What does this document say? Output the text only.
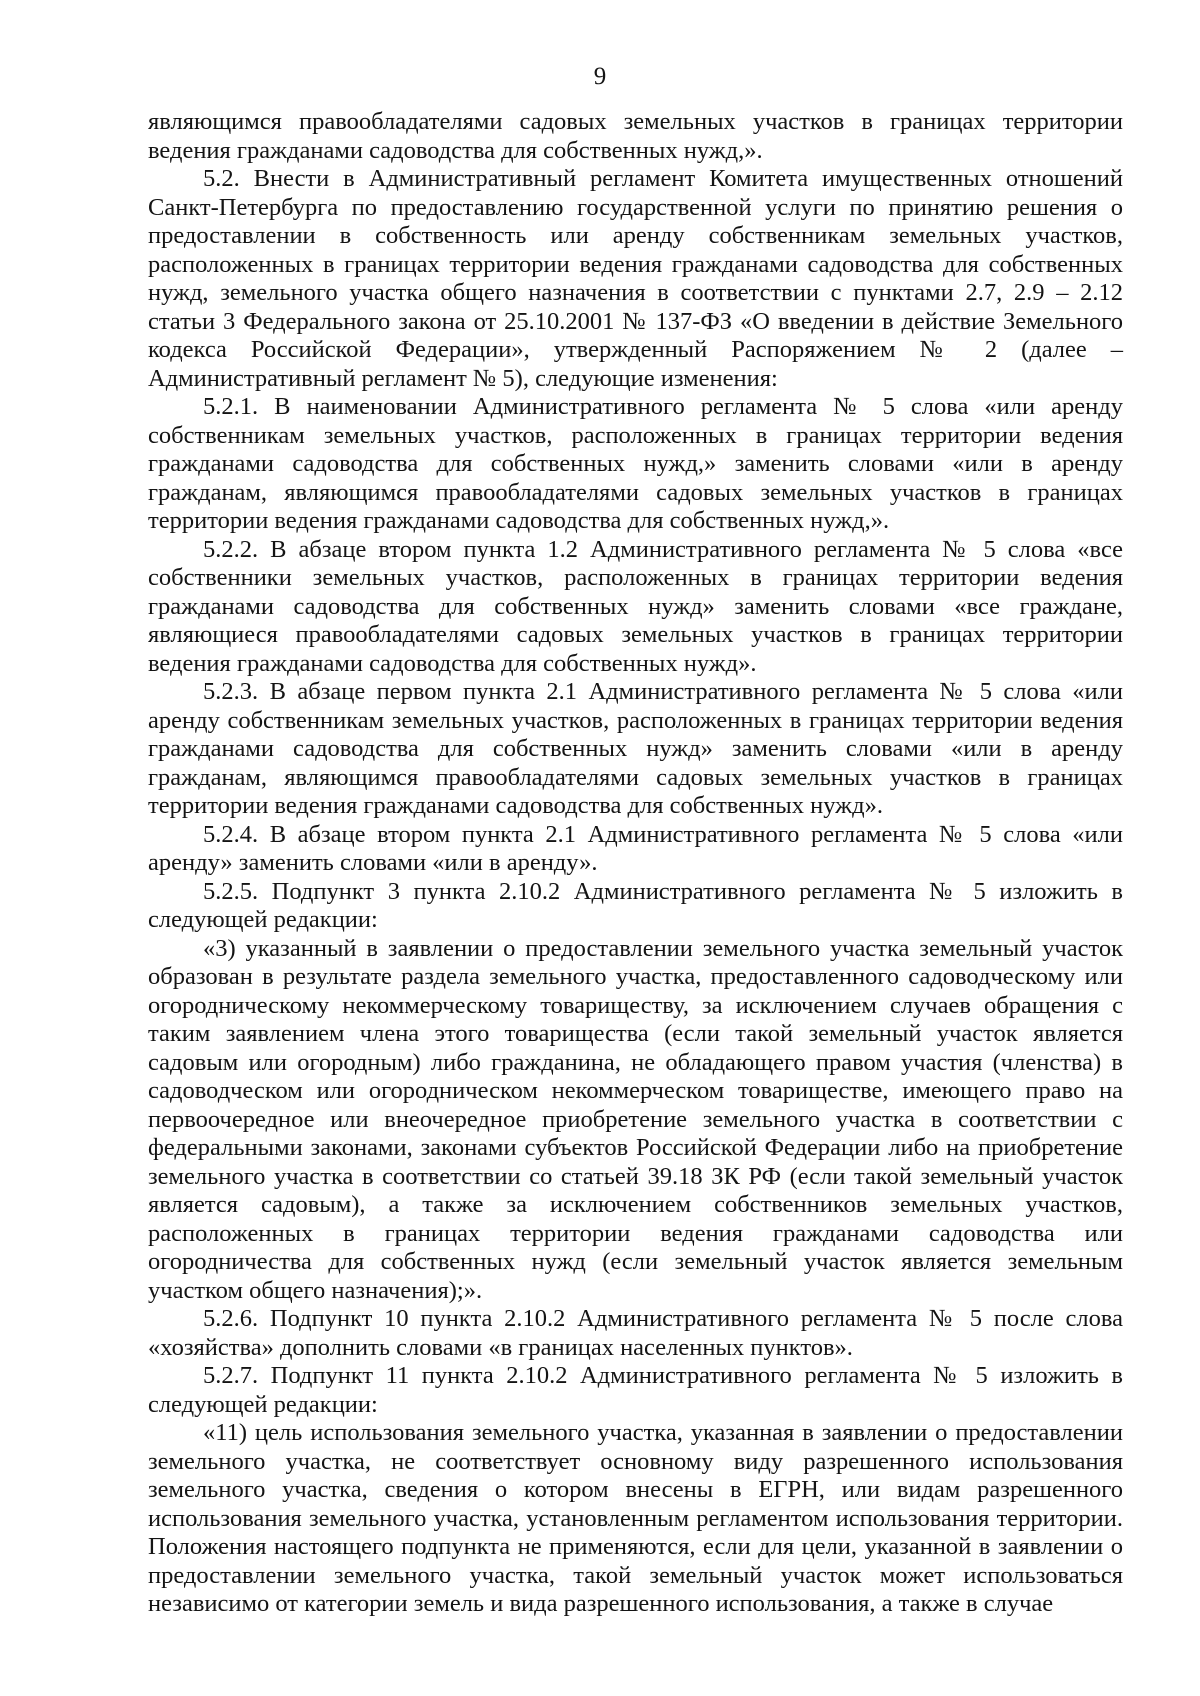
9

являющимся правообладателями садовых земельных участков в границах территории ведения гражданами садоводства для собственных нужд,».

5.2. Внести в Административный регламент Комитета имущественных отношений Санкт-Петербурга по предоставлению государственной услуги по принятию решения о предоставлении в собственность или аренду собственникам земельных участков, расположенных в границах территории ведения гражданами садоводства для собственных нужд, земельного участка общего назначения в соответствии с пунктами 2.7, 2.9 – 2.12 статьи 3 Федерального закона от 25.10.2001 № 137-ФЗ «О введении в действие Земельного кодекса Российской Федерации», утвержденный Распоряжением № 2 (далее – Административный регламент № 5), следующие изменения:

5.2.1. В наименовании Административного регламента № 5 слова «или аренду собственникам земельных участков, расположенных в границах территории ведения гражданами садоводства для собственных нужд,» заменить словами «или в аренду гражданам, являющимся правообладателями садовых земельных участков в границах территории ведения гражданами садоводства для собственных нужд,».

5.2.2. В абзаце втором пункта 1.2 Административного регламента № 5 слова «все собственники земельных участков, расположенных в границах территории ведения гражданами садоводства для собственных нужд» заменить словами «все граждане, являющиеся правообладателями садовых земельных участков в границах территории ведения гражданами садоводства для собственных нужд».

5.2.3. В абзаце первом пункта 2.1 Административного регламента № 5 слова «или аренду собственникам земельных участков, расположенных в границах территории ведения гражданами садоводства для собственных нужд» заменить словами «или в аренду гражданам, являющимся правообладателями садовых земельных участков в границах территории ведения гражданами садоводства для собственных нужд».

5.2.4. В абзаце втором пункта 2.1 Административного регламента № 5 слова «или аренду» заменить словами «или в аренду».

5.2.5. Подпункт 3 пункта 2.10.2 Административного регламента № 5 изложить в следующей редакции:

«3) указанный в заявлении о предоставлении земельного участка земельный участок образован в результате раздела земельного участка, предоставленного садоводческому или огородническому некоммерческому товариществу, за исключением случаев обращения с таким заявлением члена этого товарищества (если такой земельный участок является садовым или огородным) либо гражданина, не обладающего правом участия (членства) в садоводческом или огородническом некоммерческом товариществе, имеющего право на первоочередное или внеочередное приобретение земельного участка в соответствии с федеральными законами, законами субъектов Российской Федерации либо на приобретение земельного участка в соответствии со статьей 39.18 ЗК РФ (если такой земельный участок является садовым), а также за исключением собственников земельных участков, расположенных в границах территории ведения гражданами садоводства или огородничества для собственных нужд (если земельный участок является земельным участком общего назначения);».

5.2.6. Подпункт 10 пункта 2.10.2 Административного регламента № 5 после слова «хозяйства» дополнить словами «в границах населенных пунктов».

5.2.7. Подпункт 11 пункта 2.10.2 Административного регламента № 5 изложить в следующей редакции:

«11) цель использования земельного участка, указанная в заявлении о предоставлении земельного участка, не соответствует основному виду разрешенного использования земельного участка, сведения о котором внесены в ЕГРН, или видам разрешенного использования земельного участка, установленным регламентом использования территории. Положения настоящего подпункта не применяются, если для цели, указанной в заявлении о предоставлении земельного участка, такой земельный участок может использоваться независимо от категории земель и вида разрешенного использования, а также в случае
